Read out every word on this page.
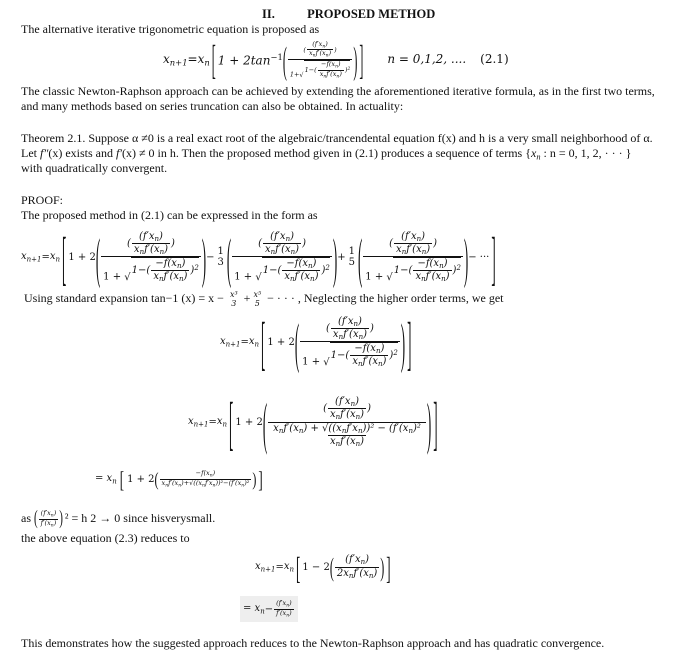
II.	PROPOSED METHOD
The alternative iterative trigonometric equation is proposed as
$x_{n+1} = x_n$ [ $1 + 2\tan^{-1}$ ( ( $\frac{(f'x_n)}{x_nf'(x_n)}$ )
1+ √
$1-( \frac{-f(x_n)}{x_nf'(x_n)} )^2$ ) ] n = 0,1,2, .... (2.1)
The classic Newton-Raphson approach can be achieved by extending the aforementioned iterative formula, as in the first two terms,
and many methods based on series truncation can also be obtained. In actuality:
Theorem 2.1. Suppose α ≠0 is a real exact root of the algebraic/trancendental equation f(x) and h is a very small neighborhood of α.
Let f″(x) exists and f′(x) ≠ 0 in h. Then the proposed method given in (2.1) produces a sequence of terms {$x_n$ : n = 0, 1, 2, · · · }
with quadratically convergent.
PROOF:
The proposed method in (2.1) can be expressed in the form as
$x_{n+1} = x_n$ [ 1 + 2 ( ( $\frac{(f'x_n)}{x_nf'(x_n)}$ )
1 + √
$1-( \frac{-f(x_n)}{x_nf'(x_n)} )^2$ ) −
1
3 ( ( $\frac{(f'x_n)}{x_nf'(x_n)}$ )
1 + √
$1-( \frac{-f(x_n)}{x_nf'(x_n)} )^2$ ) +
1
5 ( ( $\frac{(f'x_n)}{x_nf'(x_n)}$ )
1 + √
$1-( \frac{-f(x_n)}{x_nf'(x_n)} )^2$ ) − ··· ]
Using standard expansion tan−1 (x) = x − x³
3 + x⁵
5 − · · · , Neglecting the higher order terms, we get
$x_{n+1} = x_n$ [ 1 + 2 ( ( $\frac{(f'x_n)}{x_nf'(x_n)}$ )
1 + √
$1-( \frac{-f(x_n)}{x_nf'(x_n)} )^2$ ) ]
$x_{n+1} = x_n$ [ 1 + 2 ( $\frac{( \frac{(f'x_n)}{x_nf'(x_n)} )}{\frac{x_nf'(x_n) + √((x_nf'x_n))^2 - (f'(x_n)^2}{x_nf'(x_n)}}$ ) ]
= $x_n$ [ 1 + 2 ( $\frac{-f(x_n)}{x_nf'(x_n)+√((x_nf'x_n))^2-(f'(x_n)^2}$ ) ]
as ( $\frac{(f'x_n)}{f'(x_n)}$ ) ² = h 2 → 0 since hisverysmall.
the above equation (2.3) reduces to
$x_{n+1} = x_n$ [ 1 − 2 ( $\frac{(f'x_n)}{2x_nf'(x_n)}$ ) ]
= $x_n - \frac{(f'x_n)}{f'(x_n)}$
This demonstrates how the suggested approach reduces to the Newton-Raphson approach and has quadratic convergence.
